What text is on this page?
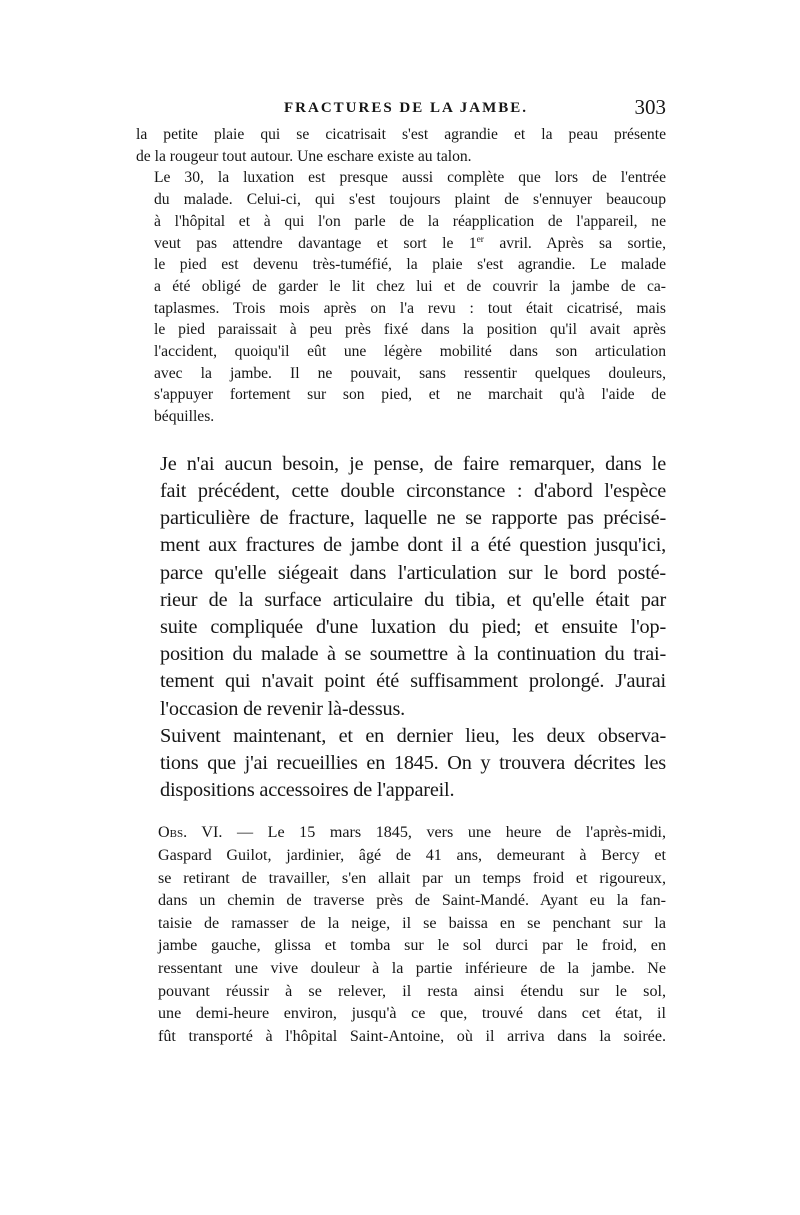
FRACTURES DE LA JAMBE.	303

la petite plaie qui se cicatrisait s'est agrandie et la peau présente
de la rougeur tout autour. Une eschare existe au talon.

Le 30, la luxation est presque aussi complète que lors de l'entrée
du malade. Celui-ci, qui s'est toujours plaint de s'ennuyer beaucoup
à l'hôpital et à qui l'on parle de la réapplication de l'appareil, ne
veut pas attendre davantage et sort le 1er avril. Après sa sortie,
le pied est devenu très-tuméfié, la plaie s'est agrandie. Le malade
a été obligé de garder le lit chez lui et de couvrir la jambe de ca-
taplasmes. Trois mois après on l'a revu : tout était cicatrisé, mais
le pied paraissait à peu près fixé dans la position qu'il avait après
l'accident, quoiqu'il eût une légère mobilité dans son articulation
avec la jambe. Il ne pouvait, sans ressentir quelques douleurs,
s'appuyer fortement sur son pied, et ne marchait qu'à l'aide de
béquilles.

Je n'ai aucun besoin, je pense, de faire remarquer, dans le
fait précédent, cette double circonstance : d'abord l'espèce
particulière de fracture, laquelle ne se rapporte pas précisé-
ment aux fractures de jambe dont il a été question jusqu'ici,
parce qu'elle siégeait dans l'articulation sur le bord posté-
rieur de la surface articulaire du tibia, et qu'elle était par
suite compliquée d'une luxation du pied; et ensuite l'op-
position du malade à se soumettre à la continuation du trai-
tement qui n'avait point été suffisamment prolongé. J'aurai
l'occasion de revenir là-dessus.

Suivent maintenant, et en dernier lieu, les deux observa-
tions que j'ai recueillies en 1845. On y trouvera décrites les
dispositions accessoires de l'appareil.

Obs. VI. — Le 15 mars 1845, vers une heure de l'après-midi,
Gaspard Guilot, jardinier, âgé de 41 ans, demeurant à Bercy et
se retirant de travailler, s'en allait par un temps froid et rigoureux,
dans un chemin de traverse près de Saint-Mandé. Ayant eu la fan-
taisie de ramasser de la neige, il se baissa en se penchant sur la
jambe gauche, glissa et tomba sur le sol durci par le froid, en
ressentant une vive douleur à la partie inférieure de la jambe. Ne
pouvant réussir à se relever, il resta ainsi étendu sur le sol,
une demi-heure environ, jusqu'à ce que, trouvé dans cet état, il
fût transporté à l'hôpital Saint-Antoine, où il arriva dans la soirée.
